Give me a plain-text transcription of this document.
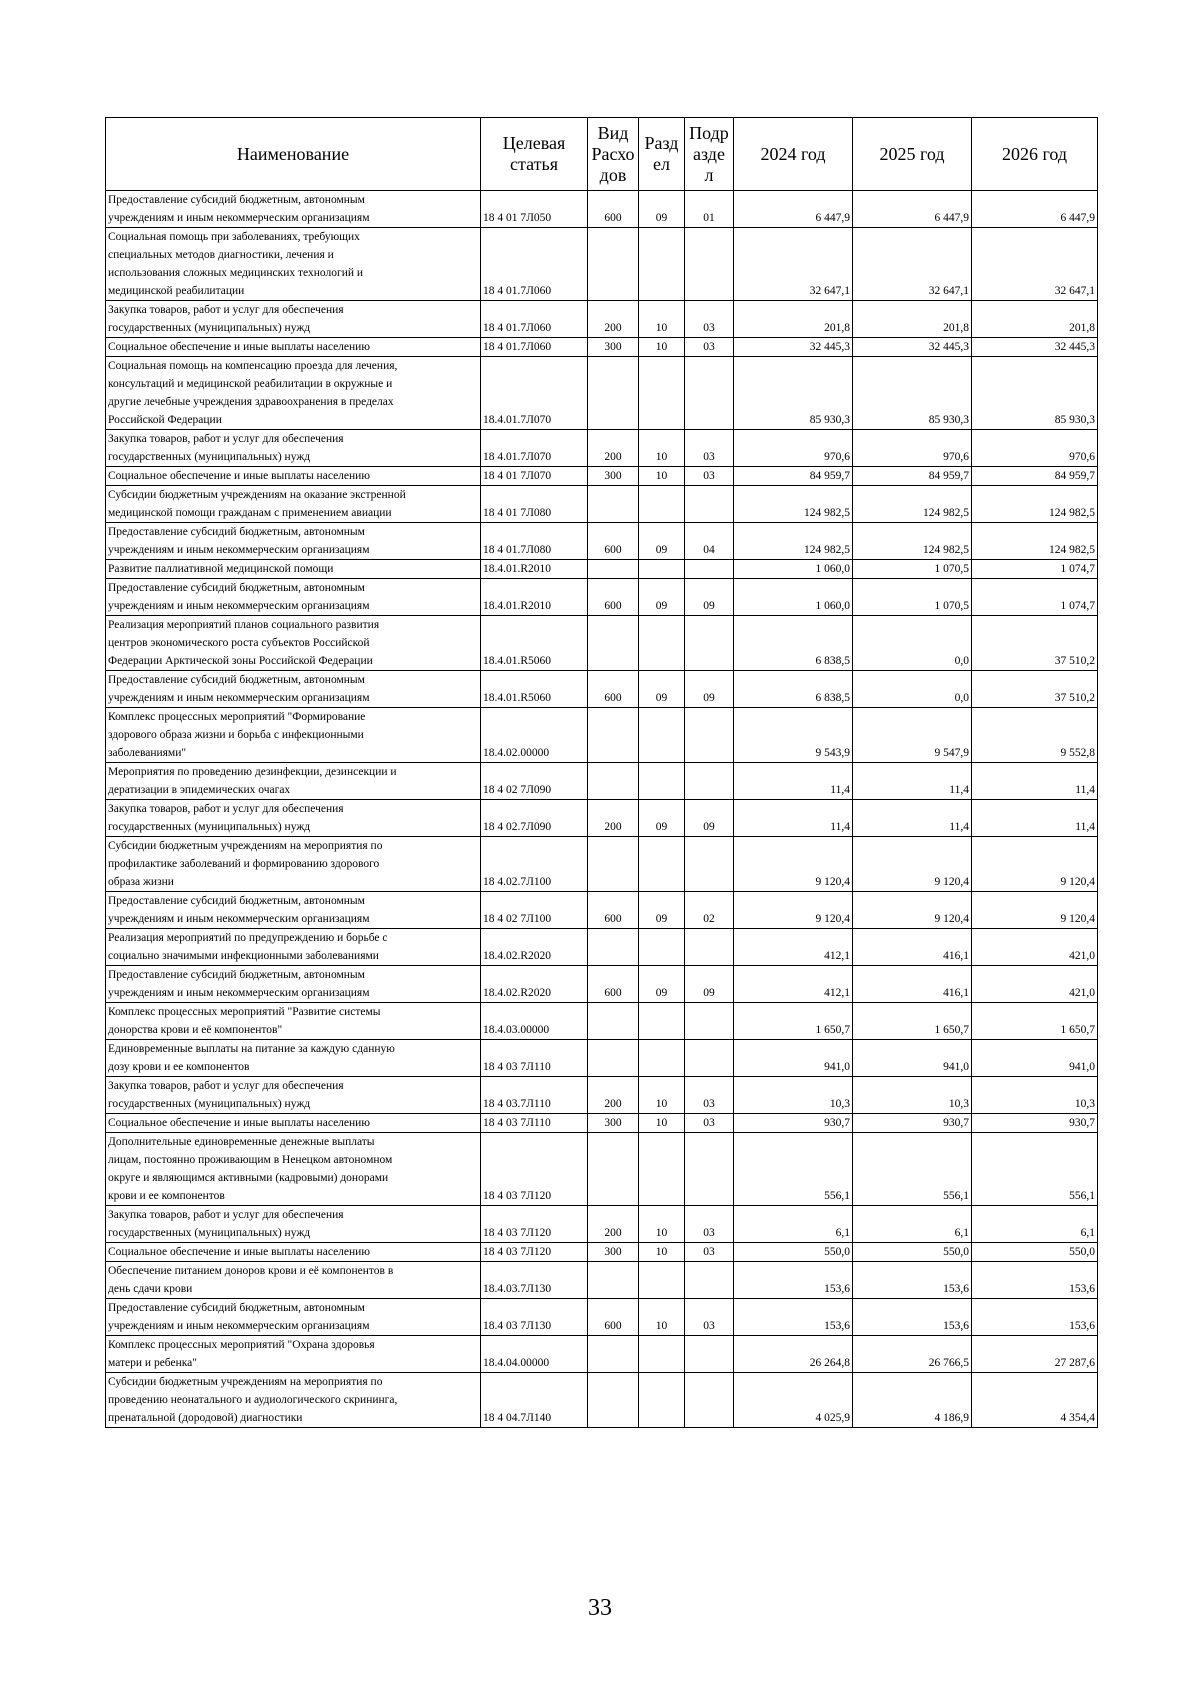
Наименование	Целевая статья	Вид Расхо дов	Разд ел	Подр азде л	2024 год	2025 год	2026 год
Предоставление субсидий бюджетным, автономным
учреждениям и иным некоммерческим организациям	18 4 01 7Л050	600	09	01	6 447,9	6 447,9	6 447,9
Социальная помощь при заболеваниях, требующих
специальных методов диагностики, лечения и
использования сложных медицинских технологий и
медицинской реабилитации	18 4 01.7Л060				32 647,1	32 647,1	32 647,1
Закупка товаров, работ и услуг для обеспечения
государственных (муниципальных) нужд	18 4 01.7Л060	200	10	03	201,8	201,8	201,8
Социальное обеспечение и иные выплаты населению	18 4 01.7Л060	300	10	03	32 445,3	32 445,3	32 445,3
Социальная помощь на компенсацию проезда для лечения,
консультаций и медицинской реабилитации в окружные и
другие лечебные учреждения здравоохранения в пределах
Российской Федерации	18.4.01.7Л070				85 930,3	85 930,3	85 930,3
Закупка товаров, работ и услуг для обеспечения
государственных (муниципальных) нужд	18 4.01.7Л070	200	10	03	970,6	970,6	970,6
Социальное обеспечение и иные выплаты населению	18 4 01 7Л070	300	10	03	84 959,7	84 959,7	84 959,7
Субсидии бюджетным учреждениям на оказание экстренной
медицинской помощи гражданам с применением авиации	18 4 01 7Л080				124 982,5	124 982,5	124 982,5
Предоставление субсидий бюджетным, автономным
учреждениям и иным некоммерческим организациям	18 4 01.7Л080	600	09	04	124 982,5	124 982,5	124 982,5
Развитие паллиативной медицинской помощи	18.4.01.R2010				1 060,0	1 070,5	1 074,7
Предоставление субсидий бюджетным, автономным
учреждениям и иным некоммерческим организациям	18.4.01.R2010	600	09	09	1 060,0	1 070,5	1 074,7
Реализация мероприятий планов социального развития
центров экономического роста субъектов Российской
Федерации Арктической зоны Российской Федерации	18.4.01.R5060				6 838,5	0,0	37 510,2
Предоставление субсидий бюджетным, автономным
учреждениям и иным некоммерческим организациям	18.4.01.R5060	600	09	09	6 838,5	0,0	37 510,2
Комплекс процессных мероприятий "Формирование
здорового образа жизни и борьба с инфекционными
заболеваниями"	18.4.02.00000				9 543,9	9 547,9	9 552,8
Мероприятия по проведению дезинфекции, дезинсекции и
дератизации в эпидемических очагах	18 4 02 7Л090				11,4	11,4	11,4
Закупка товаров, работ и услуг для обеспечения
государственных (муниципальных) нужд	18 4 02.7Л090	200	09	09	11,4	11,4	11,4
Субсидии бюджетным учреждениям на мероприятия по
профилактике заболеваний и формированию здорового
образа жизни	18 4.02.7Л100				9 120,4	9 120,4	9 120,4
Предоставление субсидий бюджетным, автономным
учреждениям и иным некоммерческим организациям	18 4 02 7Л100	600	09	02	9 120,4	9 120,4	9 120,4
Реализация мероприятий по предупреждению и борьбе с
социально значимыми инфекционными заболеваниями	18.4.02.R2020				412,1	416,1	421,0
Предоставление субсидий бюджетным, автономным
учреждениям и иным некоммерческим организациям	18.4.02.R2020	600	09	09	412,1	416,1	421,0
Комплекс процессных мероприятий "Развитие системы
донорства крови и её компонентов"	18.4.03.00000				1 650,7	1 650,7	1 650,7
Единовременные выплаты на питание за каждую сданную
дозу крови и ее компонентов	18 4 03 7Л110				941,0	941,0	941,0
Закупка товаров, работ и услуг для обеспечения
государственных (муниципальных) нужд	18 4 03.7Л110	200	10	03	10,3	10,3	10,3
Социальное обеспечение и иные выплаты населению	18 4 03 7Л110	300	10	03	930,7	930,7	930,7
Дополнительные единовременные денежные выплаты
лицам, постоянно проживающим в Ненецком автономном
округе и являющимся активными (кадровыми) донорами
крови и ее компонентов	18 4 03 7Л120				556,1	556,1	556,1
Закупка товаров, работ и услуг для обеспечения
государственных (муниципальных) нужд	18 4 03 7Л120	200	10	03	6,1	6,1	6,1
Социальное обеспечение и иные выплаты населению	18 4 03 7Л120	300	10	03	550,0	550,0	550,0
Обеспечение питанием доноров крови и её компонентов в
день сдачи крови	18.4.03.7Л130				153,6	153,6	153,6
Предоставление субсидий бюджетным, автономным
учреждениям и иным некоммерческим организациям	18.4 03 7Л130	600	10	03	153,6	153,6	153,6
Комплекс процессных мероприятий "Охрана здоровья
матери и ребенка"	18.4.04.00000				26 264,8	26 766,5	27 287,6
Субсидии бюджетным учреждениям на мероприятия по
проведению неонатального и аудиологического скрининга,
пренатальной (дородовой) диагностики	18 4 04.7Л140				4 025,9	4 186,9	4 354,4
33
